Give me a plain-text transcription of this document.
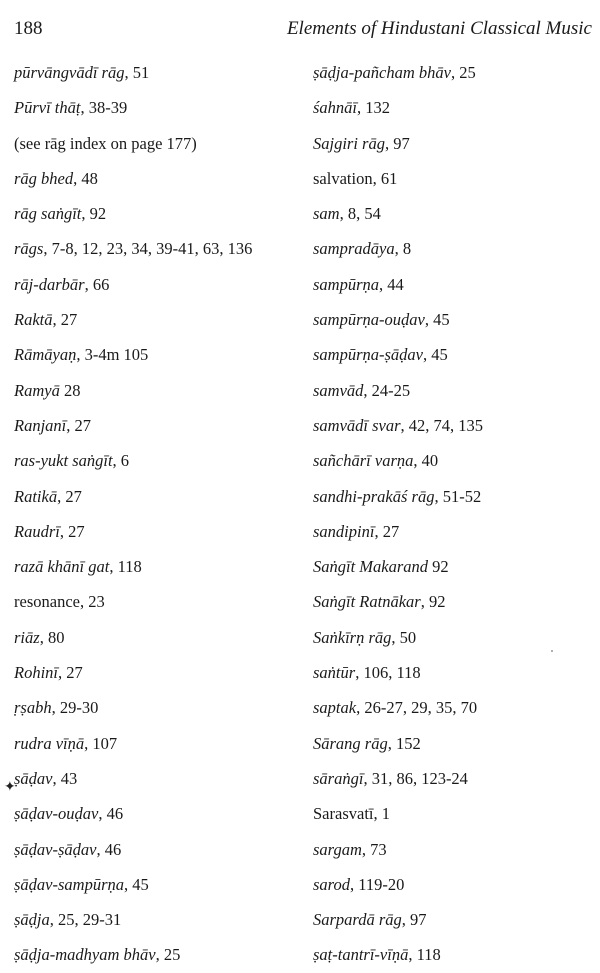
188	Elements of Hindustani Classical Music
pūrvāngvādī rāg, 51
Pūrvī thāṭ, 38-39
(see rāg index on page 177)
rāg bhed, 48
rāg saṅgīt, 92
rāgs, 7-8, 12, 23, 34, 39-41, 63, 136
rāj-darbār, 66
Raktā, 27
Rāmāyaṇ, 3-4m 105
Ramyā 28
Ranjanī, 27
ras-yukt saṅgīt, 6
Ratikā, 27
Raudrī, 27
razā khānī gat, 118
resonance, 23
riāz, 80
Rohinī, 27
ṛṣabh, 29-30
rudra vīṇā, 107
ṣāḍav, 43
ṣāḍav-ouḍav, 46
ṣāḍav-ṣāḍav, 46
ṣāḍav-sampūrṇa, 45
ṣāḍja, 25, 29-31
ṣāḍja-madhyam bhāv, 25
ṣāḍja-pañcham bhāv, 25
śahnāī, 132
Sajgiri rāg, 97
salvation, 61
sam, 8, 54
sampradāya, 8
sampūrṇa, 44
sampūrṇa-ouḍav, 45
sampūrṇa-ṣāḍav, 45
samvād, 24-25
samvādī svar, 42, 74, 135
sañchārī varṇa, 40
sandhi-prakāś rāg, 51-52
sandipinī, 27
Saṅgīt Makarand 92
Saṅgīt Ratnākar, 92
Saṅkīrṇ rāg, 50
saṅtūr, 106, 118
saptak, 26-27, 29, 35, 70
Sārang rāg, 152
sāraṅgī, 31, 86, 123-24
Sarasvatī, 1
sargam, 73
sarod, 119-20
Sarpardā rāg, 97
ṣaṭ-tantrī-vīṇā, 118
✦
